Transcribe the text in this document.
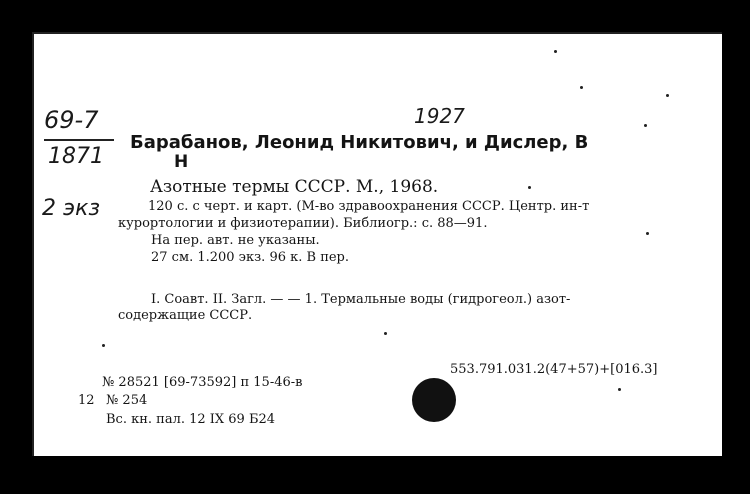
69-7
1871
2 экз
1927
Барабанов, Леонид Никитович, и Дислер, В
Н
Азотные термы СССР. М., 1968.
120 с. с черт. и карт. (М-во здравоохранения СССР. Центр. ин-т
курортологии и физиотерапии). Библиогр.: с. 88—91.
На пер. авт. не указаны.
27 см. 1.200 экз. 96 к. В пер.
I. Соавт. II. Загл. — — 1. Термальные воды (гидрогеол.) азот-
содержащие СССР.
553.791.031.2(47+57)+[016.3]
№ 28521 [69-73592] п 15-46-в
12 № 254
Вс. кн. пал. 12 IX 69 Б24
